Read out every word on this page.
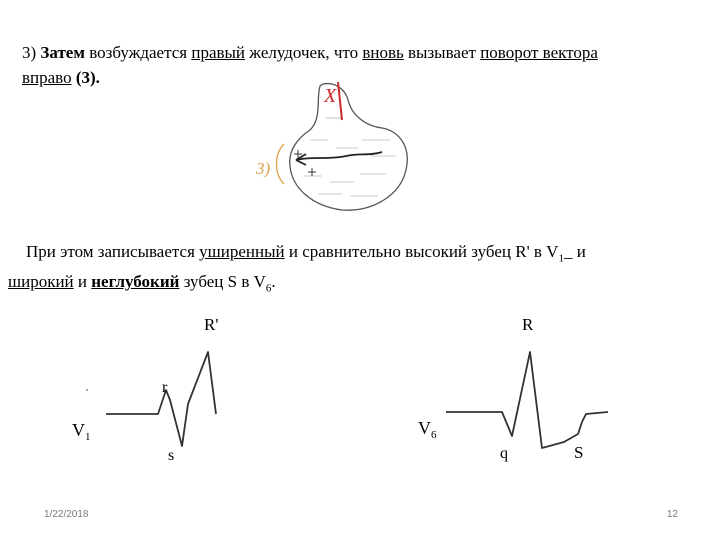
3) Затем возбуждается правый желудочек, что вновь вызывает поворот вектора
вправо (3).
X
3)
При этом записывается уширенный и сравнительно высокий зубец R' в $V_1\_$ и
широкий и неглубокий зубец S в $V_6$.
R'
r
s
$V_1$
R
q	S
$V_6$
1/22/2018	12
